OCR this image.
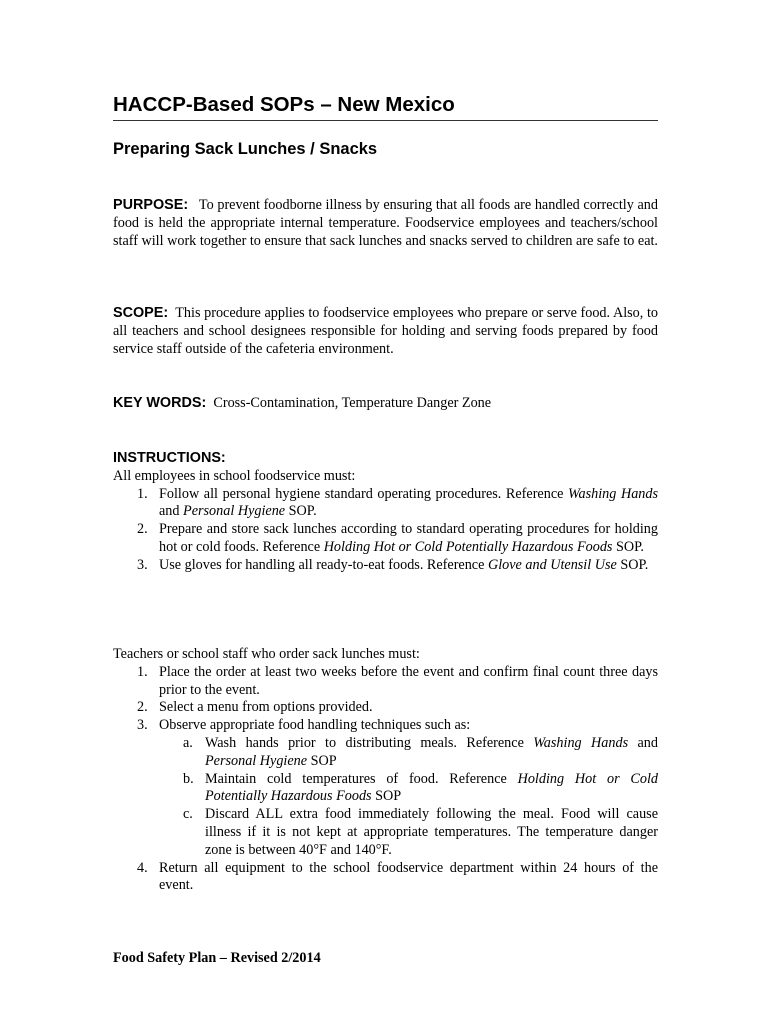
HACCP-Based SOPs – New Mexico
Preparing Sack Lunches / Snacks
PURPOSE: To prevent foodborne illness by ensuring that all foods are handled correctly and food is held the appropriate internal temperature. Foodservice employees and teachers/school staff will work together to ensure that sack lunches and snacks served to children are safe to eat.
SCOPE: This procedure applies to foodservice employees who prepare or serve food. Also, to all teachers and school designees responsible for holding and serving foods prepared by food service staff outside of the cafeteria environment.
KEY WORDS: Cross-Contamination, Temperature Danger Zone
INSTRUCTIONS:
All employees in school foodservice must:
1. Follow all personal hygiene standard operating procedures. Reference Washing Hands and Personal Hygiene SOP.
2. Prepare and store sack lunches according to standard operating procedures for holding hot or cold foods. Reference Holding Hot or Cold Potentially Hazardous Foods SOP.
3. Use gloves for handling all ready-to-eat foods. Reference Glove and Utensil Use SOP.
Teachers or school staff who order sack lunches must:
1. Place the order at least two weeks before the event and confirm final count three days prior to the event.
2. Select a menu from options provided.
3. Observe appropriate food handling techniques such as:
a. Wash hands prior to distributing meals. Reference Washing Hands and Personal Hygiene SOP
b. Maintain cold temperatures of food. Reference Holding Hot or Cold Potentially Hazardous Foods SOP
c. Discard ALL extra food immediately following the meal. Food will cause illness if it is not kept at appropriate temperatures. The temperature danger zone is between 40°F and 140°F.
4. Return all equipment to the school foodservice department within 24 hours of the event.
Food Safety Plan – Revised 2/2014
